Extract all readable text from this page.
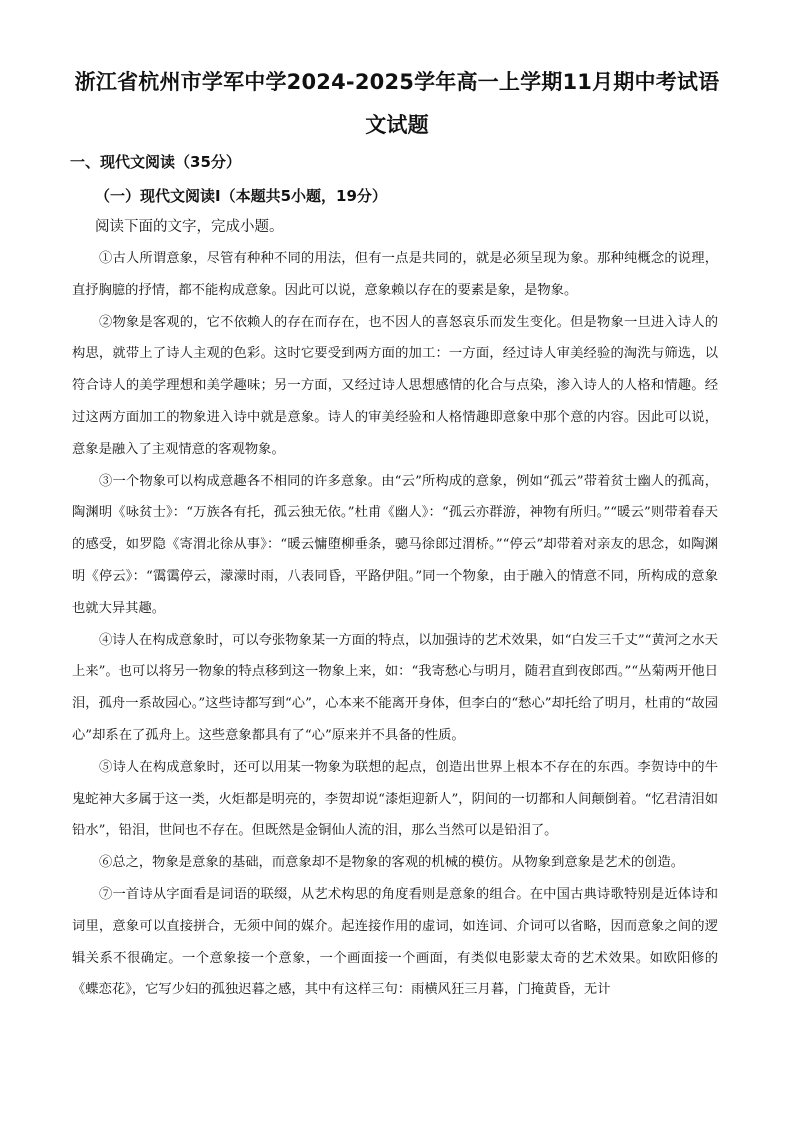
浙江省杭州市学军中学2024-2025学年高一上学期11月期中考试语
文试题
一、现代文阅读（35分）
（一）现代文阅读Ⅰ（本题共5小题，19分）
阅读下面的文字，完成小题。

①古人所谓意象，尽管有种种不同的用法，但有一点是共同的，就是必须呈现为象。那种纯概念的说理，直抒胸臆的抒情，都不能构成意象。因此可以说，意象赖以存在的要素是象，是物象。

②物象是客观的，它不依赖人的存在而存在，也不因人的喜怒哀乐而发生变化。但是物象一旦进入诗人的构思，就带上了诗人主观的色彩。这时它要受到两方面的加工：一方面，经过诗人审美经验的淘洗与筛选，以符合诗人的美学理想和美学趣味；另一方面，又经过诗人思想感情的化合与点染，渗入诗人的人格和情趣。经过这两方面加工的物象进入诗中就是意象。诗人的审美经验和人格情趣即意象中那个意的内容。因此可以说，意象是融入了主观情意的客观物象。

③一个物象可以构成意趣各不相同的许多意象。由“云”所构成的意象，例如“孤云”带着贫士幽人的孤高，陶渊明《咏贫士》：“万族各有托，孤云独无依。”杜甫《幽人》：“孤云亦群游，神物有所归。”“暖云”则带着春天的感受，如罗隐《寄渭北徐从事》：“暖云慵堕柳垂条，骢马徐郎过渭桥。”“停云”却带着对亲友的思念，如陶渊明《停云》：“霭霭停云，濛濛时雨，八表同昏，平路伊阻。”同一个物象，由于融入的情意不同，所构成的意象也就大异其趣。

④诗人在构成意象时，可以夸张物象某一方面的特点，以加强诗的艺术效果，如“白发三千丈”“黄河之水天上来”。也可以将另一物象的特点移到这一物象上来，如：“我寄愁心与明月，随君直到夜郎西。”“丛菊两开他日泪，孤舟一系故园心。”这些诗都写到“心”，心本来不能离开身体，但李白的“愁心”却托给了明月，杜甫的“故园心”却系在了孤舟上。这些意象都具有了“心”原来并不具备的性质。

⑤诗人在构成意象时，还可以用某一物象为联想的起点，创造出世界上根本不存在的东西。李贺诗中的牛鬼蛇神大多属于这一类，火炬都是明亮的，李贺却说“漆炬迎新人”，阴间的一切都和人间颠倒着。“忆君清泪如铅水”，铅泪，世间也不存在。但既然是金铜仙人流的泪，那么当然可以是铅泪了。

⑥总之，物象是意象的基础，而意象却不是物象的客观的机械的模仿。从物象到意象是艺术的创造。

⑦一首诗从字面看是词语的联缀，从艺术构思的角度看则是意象的组合。在中国古典诗歌特别是近体诗和词里，意象可以直接拼合，无须中间的媒介。起连接作用的虚词，如连词、介词可以省略，因而意象之间的逻辑关系不很确定。一个意象接一个意象，一个画面接一个画面，有类似电影蒙太奇的艺术效果。如欧阳修的《蝶恋花》，它写少妇的孤独迟暮之感，其中有这样三句：雨横风狂三月暮，门掩黄昏，无计
